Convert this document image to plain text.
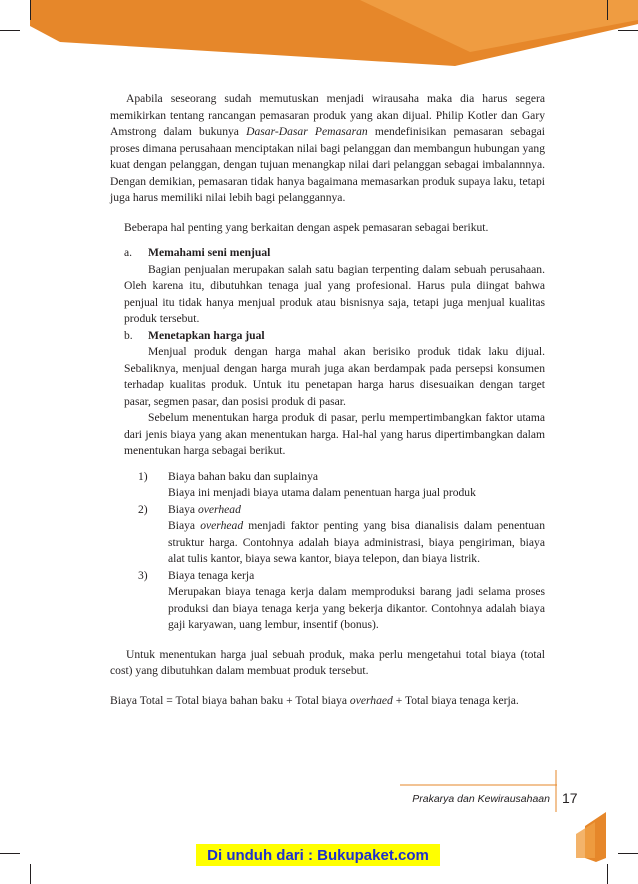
Apabila seseorang sudah memutuskan menjadi wirausaha maka dia harus segera memikirkan tentang rancangan pemasaran produk yang akan dijual. Philip Kotler dan Gary Amstrong dalam bukunya Dasar-Dasar Pemasaran mendefinisikan pemasaran sebagai proses dimana perusahaan menciptakan nilai bagi pelanggan dan membangun hubungan yang kuat dengan pelanggan, dengan tujuan menangkap nilai dari pelanggan sebagai imbalannnya. Dengan demikian, pemasaran tidak hanya bagaimana memasarkan produk supaya laku, tetapi juga harus memiliki nilai lebih bagi pelanggannya.

Beberapa hal penting yang berkaitan dengan aspek pemasaran sebagai berikut.

a.	Memahami seni menjual

Bagian penjualan merupakan salah satu bagian terpenting dalam sebuah perusahaan. Oleh karena itu, dibutuhkan tenaga jual yang profesional. Harus pula diingat bahwa penjual itu tidak hanya menjual produk atau bisnisnya saja, tetapi juga menjual kualitas produk tersebut.

b.	Menetapkan harga jual

Menjual produk dengan harga mahal akan berisiko produk tidak laku dijual. Sebaliknya, menjual dengan harga murah juga akan berdampak pada persepsi konsumen terhadap kualitas produk. Untuk itu penetapan harga harus disesuaikan dengan target pasar, segmen pasar, dan posisi produk di pasar.

Sebelum menentukan harga produk di pasar, perlu mempertimbangkan faktor utama dari jenis biaya yang akan menentukan harga. Hal-hal yang harus dipertimbangkan dalam menentukan harga sebagai berikut.

1)	Biaya bahan baku dan suplainya

Biaya ini menjadi biaya utama dalam penentuan harga jual produk

2)	Biaya overhead

Biaya overhead menjadi faktor penting yang bisa dianalisis dalam penentuan struktur harga. Contohnya adalah biaya administrasi, biaya pengiriman, biaya alat tulis kantor, biaya sewa kantor, biaya telepon, dan biaya listrik.

3)	Biaya tenaga kerja

Merupakan biaya tenaga kerja dalam memproduksi barang jadi selama proses produksi dan biaya tenaga kerja yang bekerja dikantor. Contohnya adalah biaya gaji karyawan, uang lembur, insentif (bonus).

Untuk menentukan harga jual sebuah produk, maka perlu mengetahui total biaya (total cost) yang dibutuhkan dalam membuat produk tersebut.

Biaya Total = Total biaya bahan baku + Total biaya overhaed + Total biaya tenaga kerja.

Prakarya dan Kewirausahaan 17
Di unduh dari : Bukupaket.com
